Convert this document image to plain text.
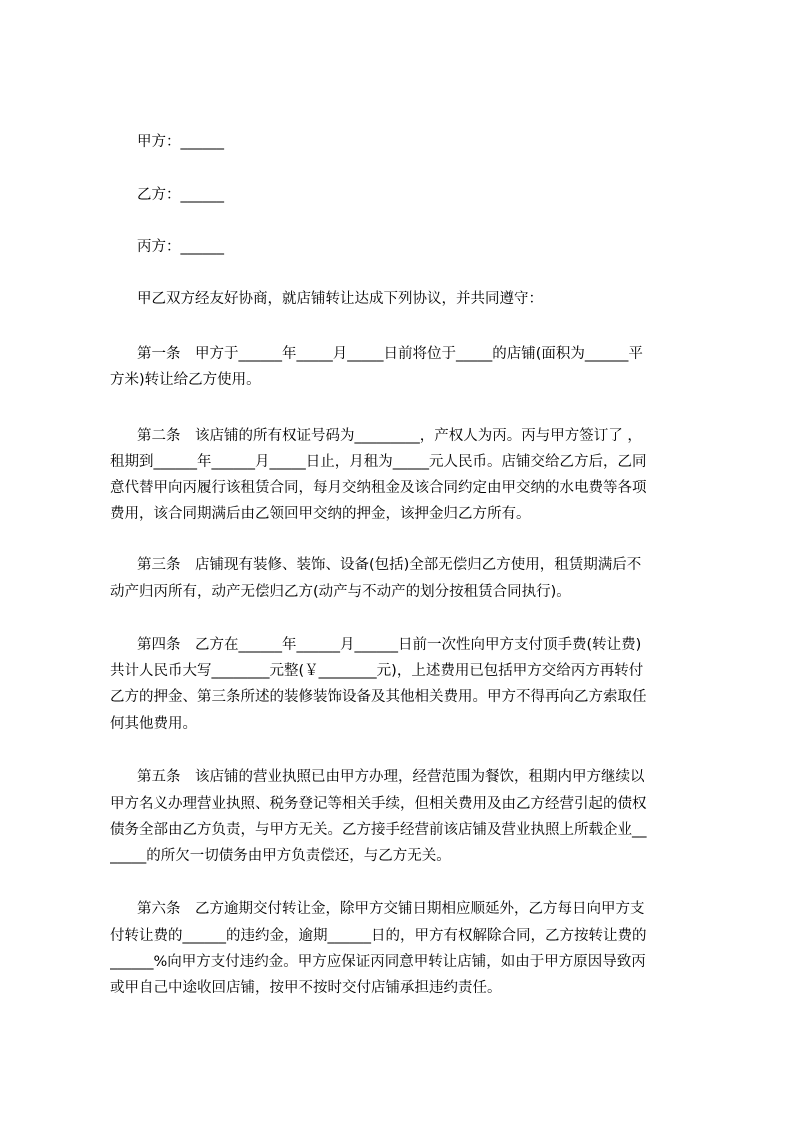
甲方：______
乙方：______
丙方：______
甲乙双方经友好协商，就店铺转让达成下列协议，并共同遵守：
第一条　甲方于______年_____月_____日前将位于_____的店铺(面积为______平
方米)转让给乙方使用。
第二条　该店铺的所有权证号码为_________，产权人为丙。丙与甲方签订了 ，
租期到______年______月_____日止，月租为_____元人民币。店铺交给乙方后，乙同
意代替甲向丙履行该租赁合同，每月交纳租金及该合同约定由甲交纳的水电费等各项
费用，该合同期满后由乙领回甲交纳的押金，该押金归乙方所有。
第三条　店铺现有装修、装饰、设备(包括)全部无偿归乙方使用，租赁期满后不
动产归丙所有，动产无偿归乙方(动产与不动产的划分按租赁合同执行)。
第四条　乙方在______年______月______日前一次性向甲方支付顶手费(转让费)
共计人民币大写________元整(￥________元)，上述费用已包括甲方交给丙方再转付
乙方的押金、第三条所述的装修装饰设备及其他相关费用。甲方不得再向乙方索取任
何其他费用。
第五条　该店铺的营业执照已由甲方办理，经营范围为餐饮，租期内甲方继续以
甲方名义办理营业执照、税务登记等相关手续，但相关费用及由乙方经营引起的债权
债务全部由乙方负责，与甲方无关。乙方接手经营前该店铺及营业执照上所载企业__
_____的所欠一切债务由甲方负责偿还，与乙方无关。
第六条　乙方逾期交付转让金，除甲方交铺日期相应顺延外，乙方每日向甲方支
付转让费的______的违约金，逾期______日的，甲方有权解除合同，乙方按转让费的
______%向甲方支付违约金。甲方应保证丙同意甲转让店铺，如由于甲方原因导致丙
或甲自己中途收回店铺，按甲不按时交付店铺承担违约责任。
